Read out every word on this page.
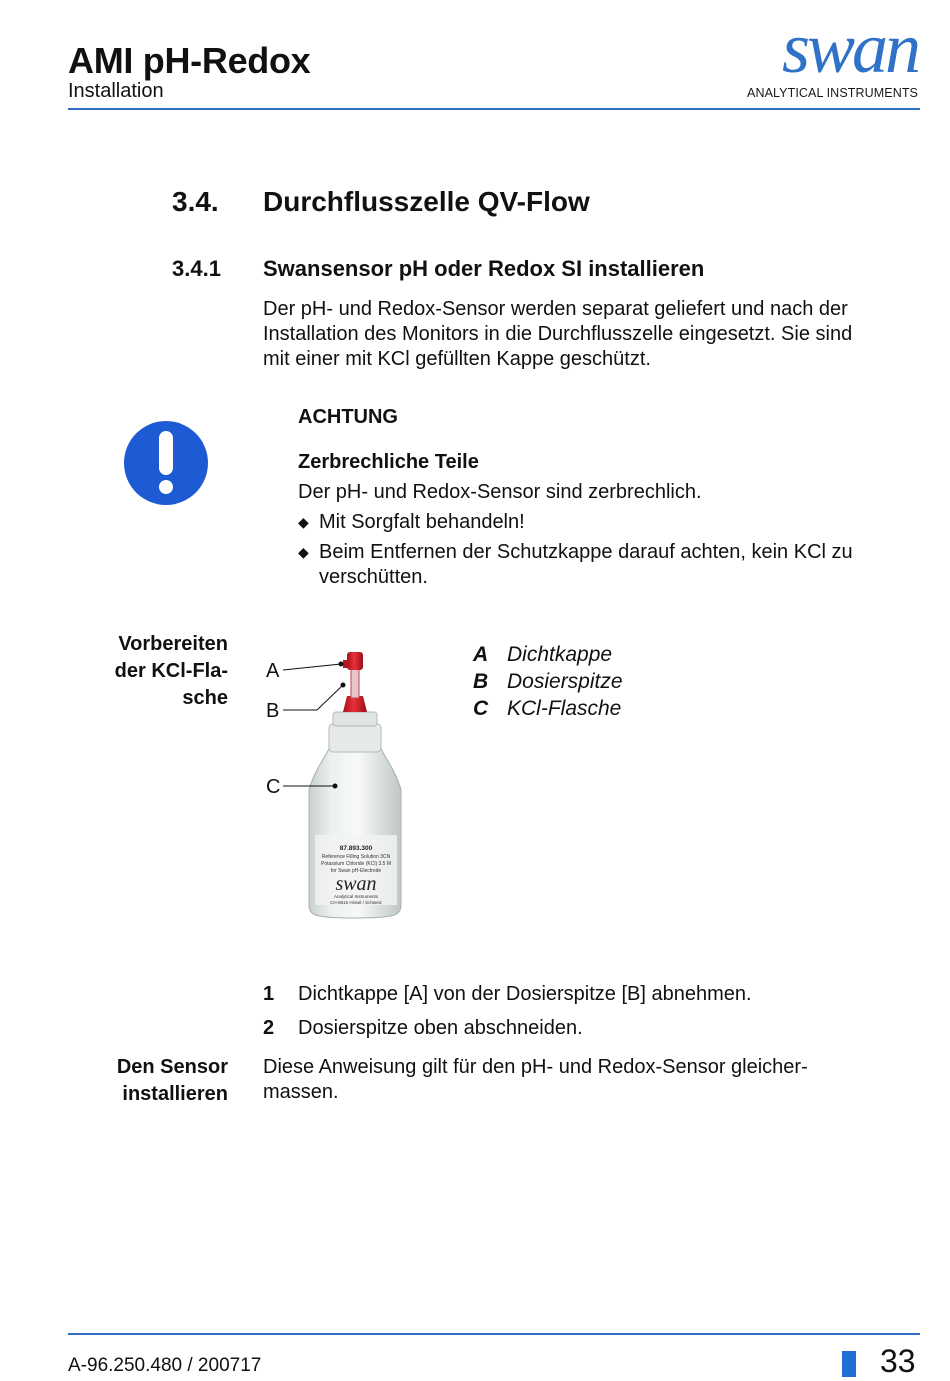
AMI pH-Redox
Installation
swan
ANALYTICAL INSTRUMENTS
3.4. Durchflusszelle QV-Flow
3.4.1 Swansensor pH oder Redox SI installieren
Der pH- und Redox-Sensor werden separat geliefert und nach der
Installation des Monitors in die Durchflusszelle eingesetzt. Sie sind
mit einer mit KCl gefüllten Kappe geschützt.
ACHTUNG
Zerbrechliche Teile
Der pH- und Redox-Sensor sind zerbrechlich.
◆ Mit Sorgfalt behandeln!
◆ Beim Entfernen der Schutzkappe darauf achten, kein KCl zu
verschütten.
Vorbereiten
der KCl-Fla-
sche
87.893.300
Reference Filling Solution 3CN
Potassium Chloride (KCl) 3.5 M
for Swan pH-Electrode
swan
Analytical Instruments
CH-8615 Hinwil / Schweiz
A
B
C
A Dichtkappe
B Dosierspitze
C KCl-Flasche
1 Dichtkappe [A] von der Dosierspitze [B] abnehmen.
2 Dosierspitze oben abschneiden.
Den Sensor
installieren
Diese Anweisung gilt für den pH- und Redox-Sensor gleicher-
massen.
A-96.250.480 / 200717	33
